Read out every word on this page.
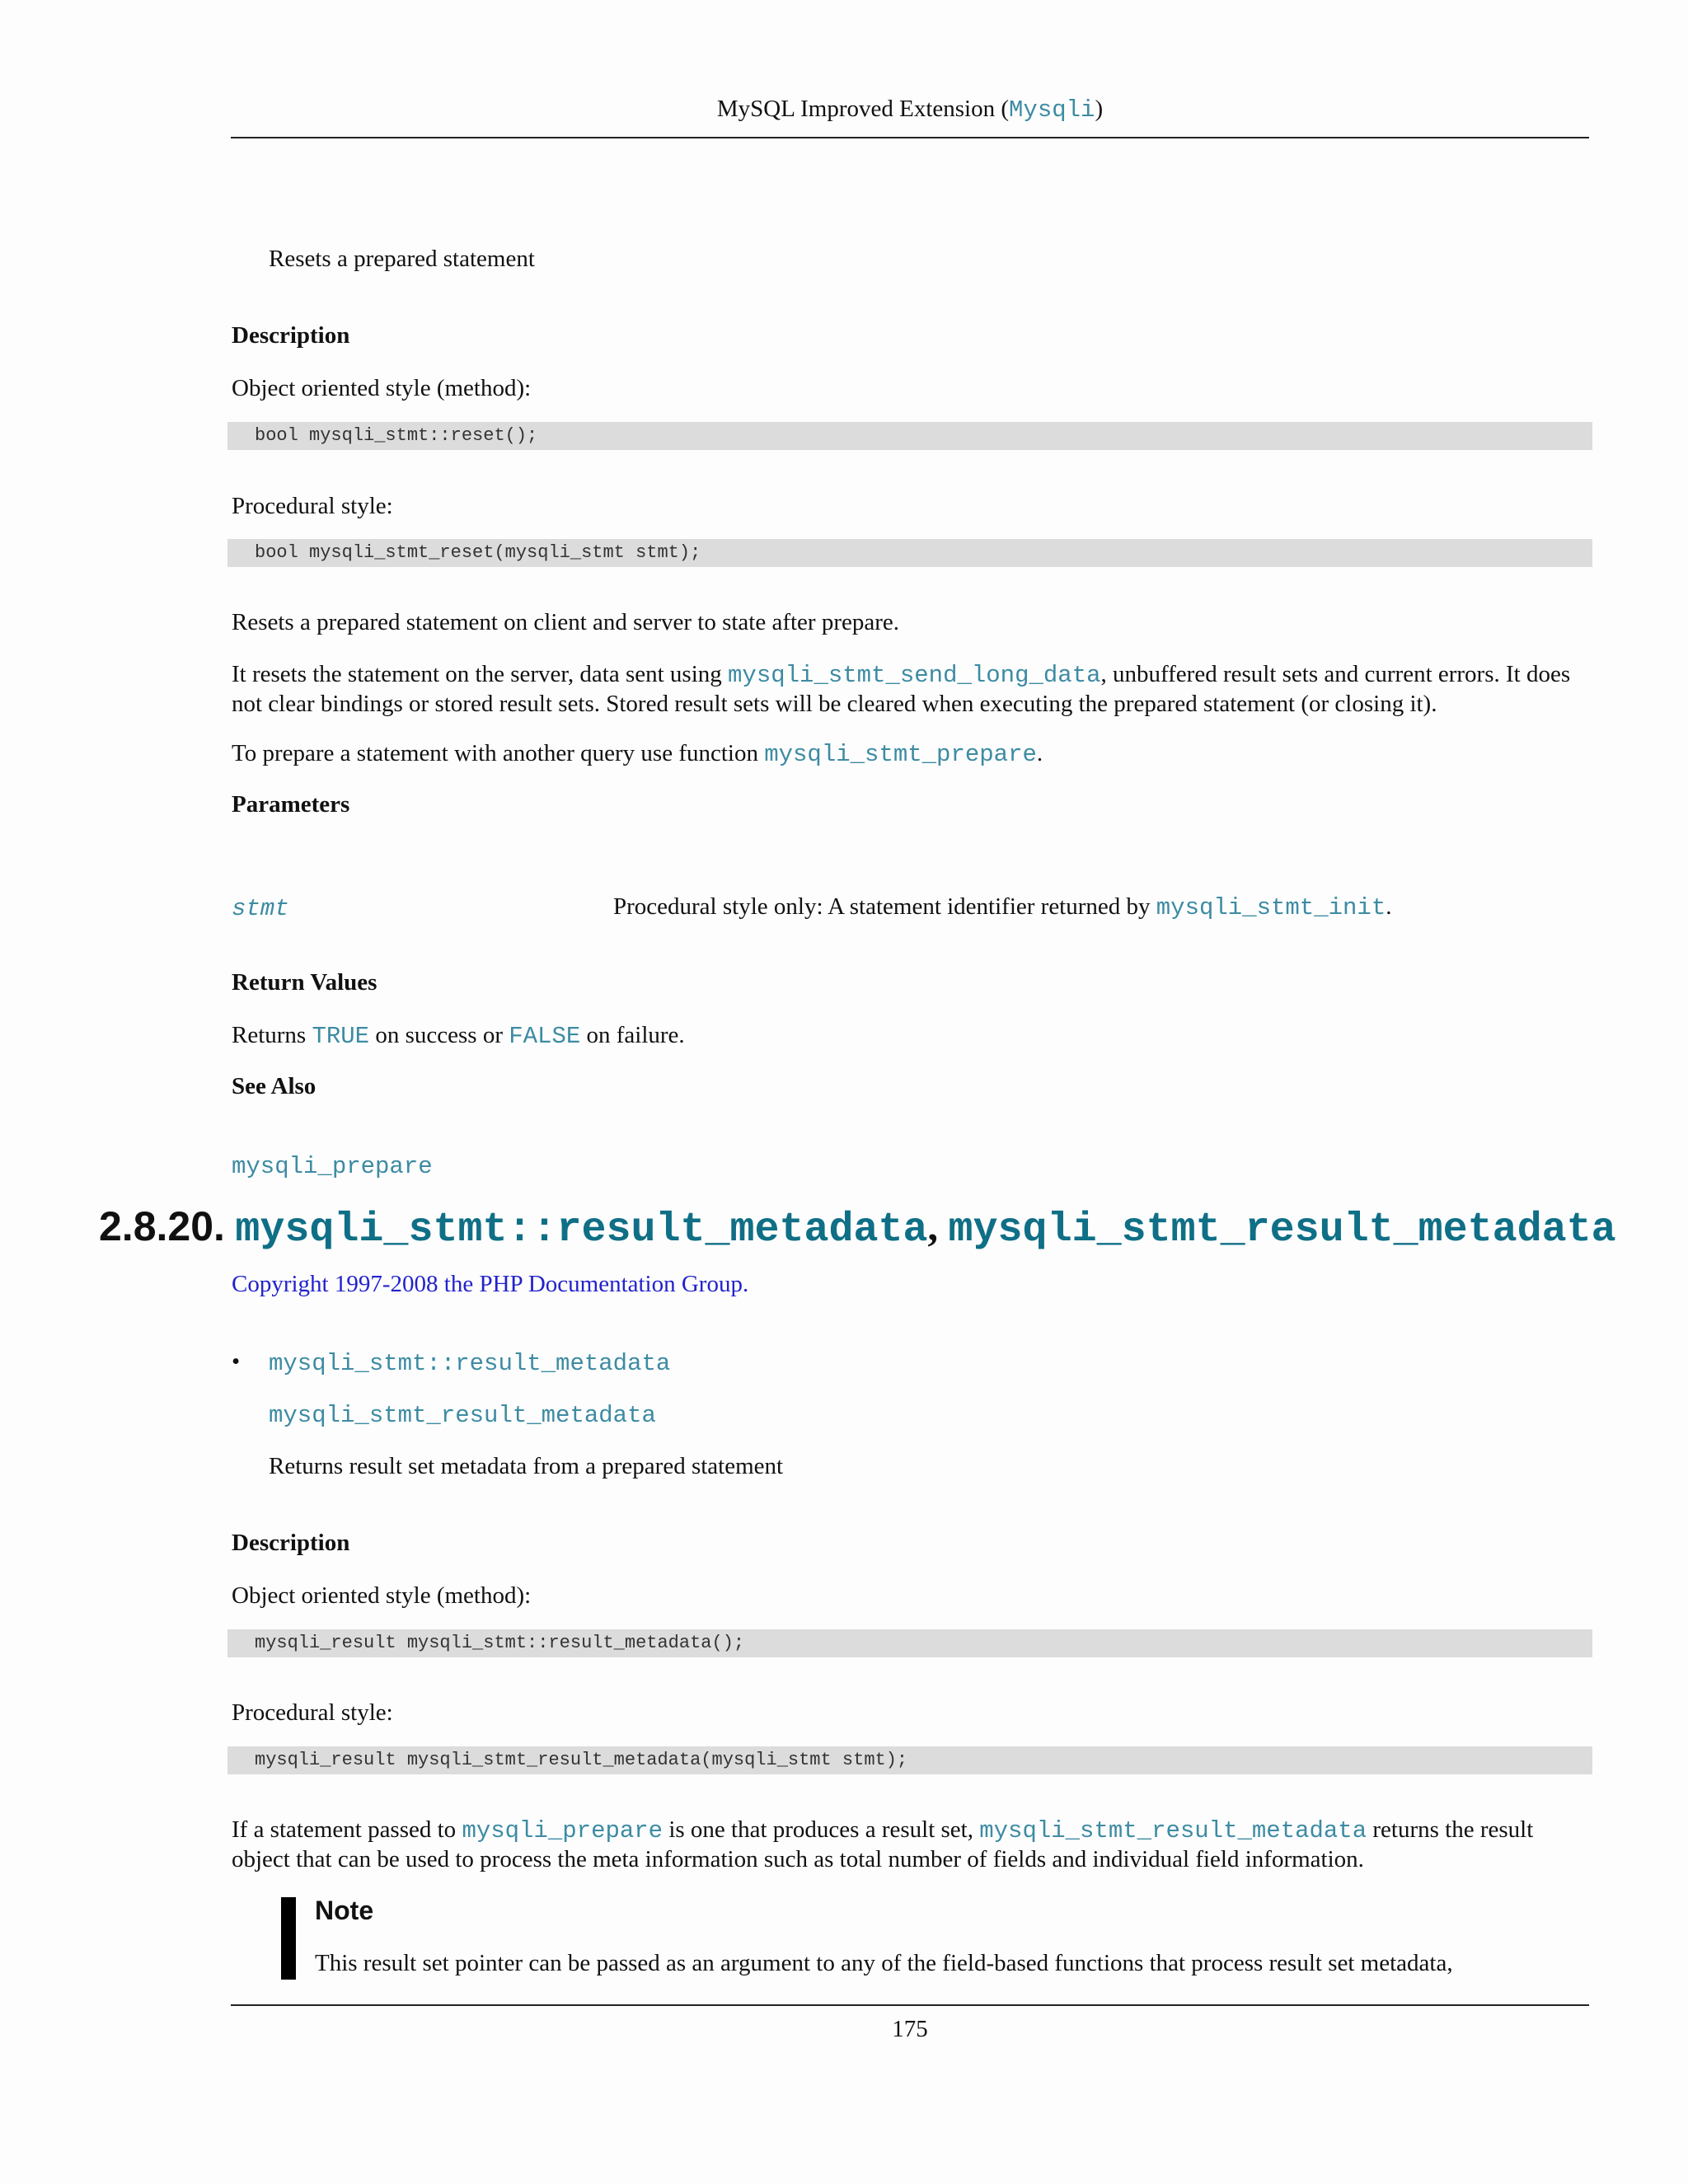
MySQL Improved Extension (Mysqli)
Resets a prepared statement
Description
Object oriented style (method):
bool mysqli_stmt::reset();
Procedural style:
bool mysqli_stmt_reset(mysqli_stmt stmt);
Resets a prepared statement on client and server to state after prepare.
It resets the statement on the server, data sent using mysqli_stmt_send_long_data, unbuffered result sets and current errors. It does not clear bindings or stored result sets. Stored result sets will be cleared when executing the prepared statement (or closing it).
To prepare a statement with another query use function mysqli_stmt_prepare.
Parameters
stmt	Procedural style only: A statement identifier returned by mysqli_stmt_init.
Return Values
Returns TRUE on success or FALSE on failure.
See Also
mysqli_prepare
2.8.20. mysqli_stmt::result_metadata, mysqli_stmt_result_metadata
Copyright 1997-2008 the PHP Documentation Group.
• mysqli_stmt::result_metadata
mysqli_stmt_result_metadata
Returns result set metadata from a prepared statement
Description
Object oriented style (method):
mysqli_result mysqli_stmt::result_metadata();
Procedural style:
mysqli_result mysqli_stmt_result_metadata(mysqli_stmt stmt);
If a statement passed to mysqli_prepare is one that produces a result set, mysqli_stmt_result_metadata returns the result object that can be used to process the meta information such as total number of fields and individual field information.
Note
This result set pointer can be passed as an argument to any of the field-based functions that process result set metadata,
175
